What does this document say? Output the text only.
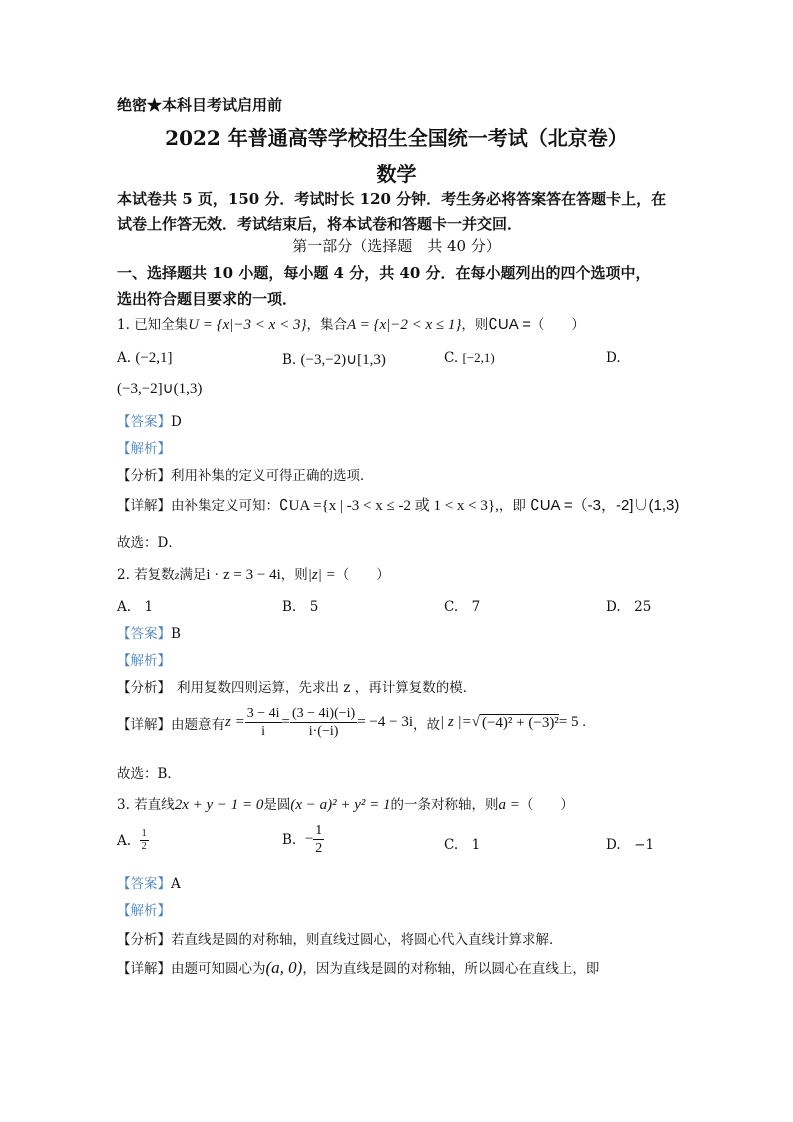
绝密★本科目考试启用前
2022 年普通高等学校招生全国统一考试（北京卷）
数学
本试卷共 5 页，150 分．考试时长 120 分钟．考生务必将答案答在答题卡上，在
试卷上作答无效．考试结束后，将本试卷和答题卡一并交回．
第一部分（选择题　共 40 分）
一、选择题共 10 小题，每小题 4 分，共 40 分．在每小题列出的四个选项中，
选出符合题目要求的一项．
1. 已知全集U = {x|−3 < x < 3}，集合A = {x|−2 < x ≤ 1}，则∁UA =（　　）
A. (−2,1]	B. (−3,−2)∪[1,3)	C. [−2,1)	D.
(−3,−2]∪(1,3)
【答案】D
【解析】
【分析】利用补集的定义可得正确的选项．
【详解】由补集定义可知：∁UA ={x | -3 < x ≤ -2 或 1 < x < 3},，即 ∁UA =（-3，-2]∪(1,3)
故选：D．
2. 若复数z满足i · z = 3 − 4i，则|z| =（　　）
A.　 1	B.　 5	C.　 7	D.　 25
【答案】B
【解析】
【分析】 利用复数四则运算，先求出 z ，再计算复数的模．
【详解】 由题意有 $z = \frac{3 - 4i}{i} = \frac{(3 - 4i)(-i)}{i\cdot(-i)} = -4 - 3i$ ，故 | z |= √ (−4)² + (−3)² = 5 .
故选：B．
3. 若直线2x + y − 1 = 0是圆(x − a)² + y² = 1的一条对称轴，则a =（　　）
A.
$\frac{1}{2}$	B.
− $\frac{1}{2}$	C.　 1	D.　 −1
【答案】A
【解析】
【分析】若直线是圆的对称轴，则直线过圆心，将圆心代入直线计算求解．
【详解】由题可知圆心为(a, 0)，因为直线是圆的对称轴，所以圆心在直线上，即
